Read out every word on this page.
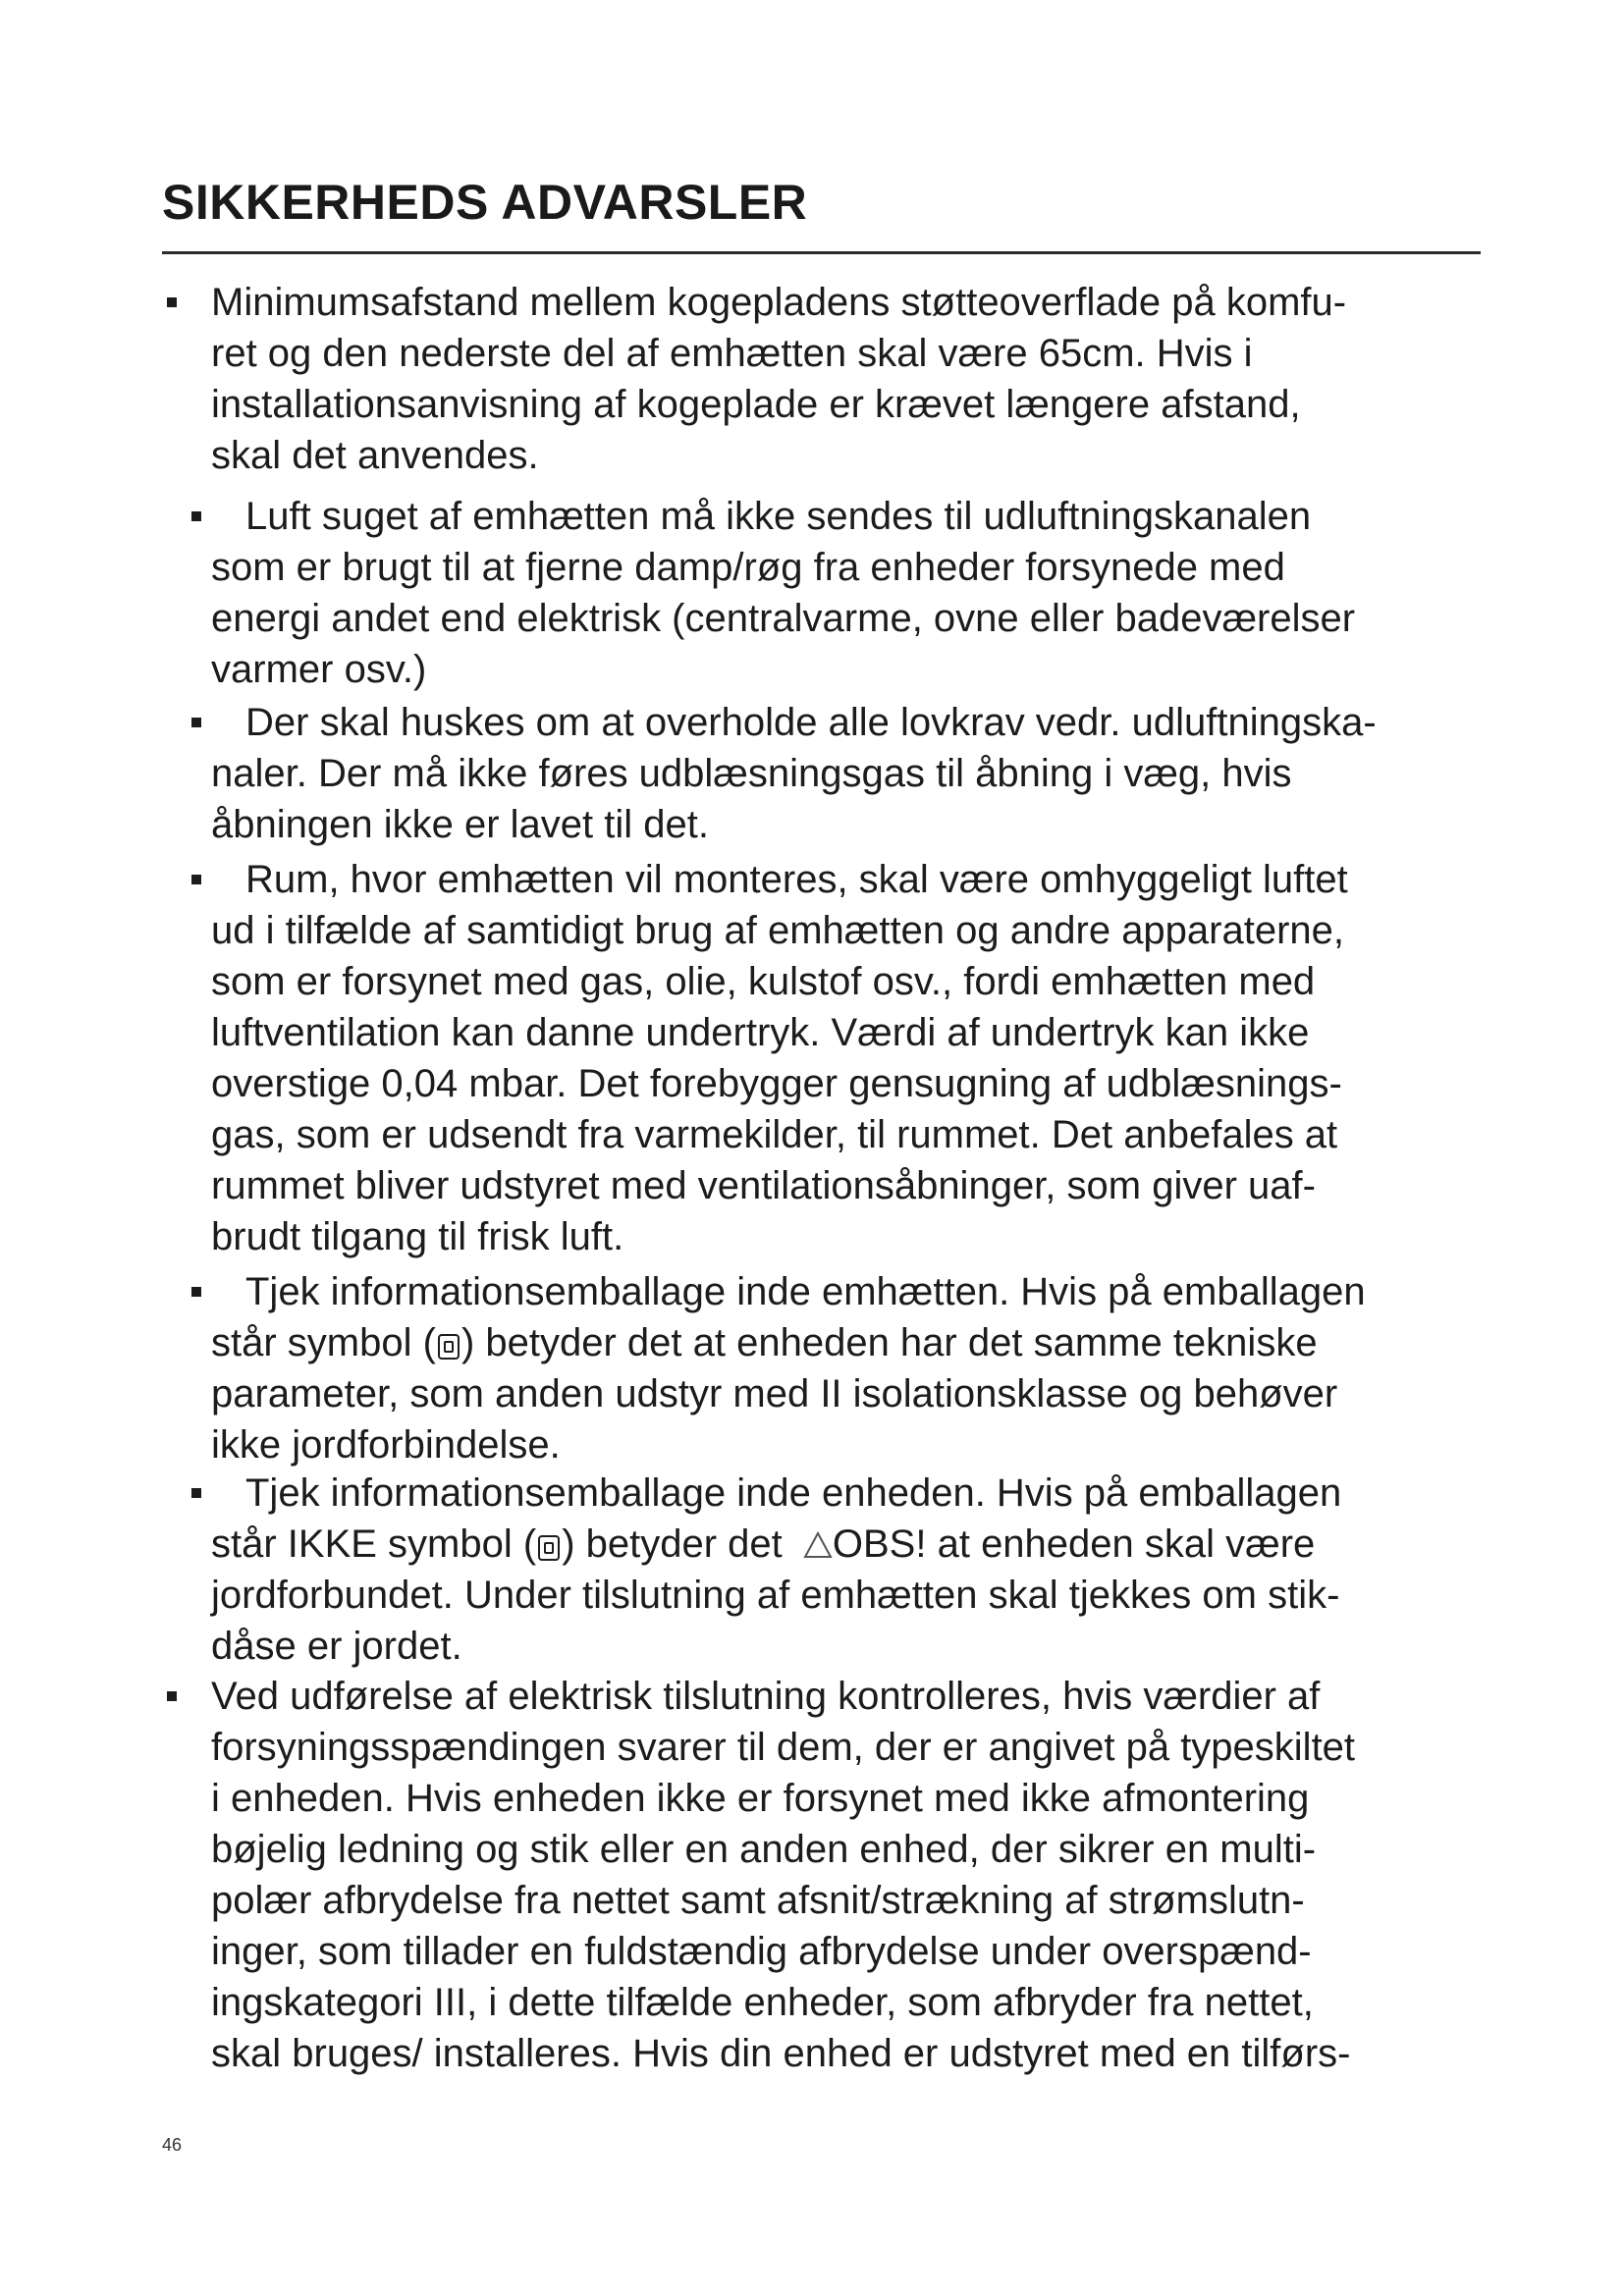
SIKKERHEDS ADVARSLER
Minimumsafstand mellem kogepladens støtteoverflade på komfu-
ret og den nederste del af emhætten skal være 65cm. Hvis i
installationsanvisning af kogeplade er krævet længere afstand,
skal det anvendes.
Luft suget af emhætten må ikke sendes til udluftningskanalen
som er brugt til at fjerne damp/røg fra enheder forsynede med
energi andet end elektrisk (centralvarme, ovne eller badeværelser
varmer osv.)
Der skal huskes om at overholde alle lovkrav vedr. udluftningska-
naler. Der må ikke føres udblæsningsgas til åbning i væg, hvis
åbningen ikke er lavet til det.
Rum, hvor emhætten vil monteres, skal være omhyggeligt luftet
ud i tilfælde af samtidigt brug af emhætten og andre apparaterne,
som er forsynet med gas, olie, kulstof osv., fordi emhætten med
luftventilation kan danne undertryk. Værdi af undertryk kan ikke
overstige 0,04 mbar. Det forebygger gensugning af udblæsnings-
gas, som er udsendt fra varmekilder, til rummet. Det anbefales at
rummet bliver udstyret med ventilationsåbninger, som giver uaf-
brudt tilgang til frisk luft.
Tjek informationsemballage inde emhætten. Hvis på emballagen
står symbol ( ) betyder det at enheden har det samme tekniske
parameter, som anden udstyr med II isolationsklasse og behøver
ikke jordforbindelse.
Tjek informationsemballage inde enheden. Hvis på emballagen
står IKKE symbol ( ) betyder det OBS! at enheden skal være
jordforbundet. Under tilslutning af emhætten skal tjekkes om stik-
dåse er jordet.
Ved udførelse af elektrisk tilslutning kontrolleres, hvis værdier af
forsyningsspændingen svarer til dem, der er angivet på typeskiltet
i enheden. Hvis enheden ikke er forsynet med ikke afmontering
bøjelig ledning og stik eller en anden enhed, der sikrer en multi-
polær afbrydelse fra nettet samt afsnit/strækning af strømslutn-
inger, som tillader en fuldstændig afbrydelse under overspænd-
ingskategori III, i dette tilfælde enheder, som afbryder fra nettet,
skal bruges/ installeres. Hvis din enhed er udstyret med en tilførs-
46
